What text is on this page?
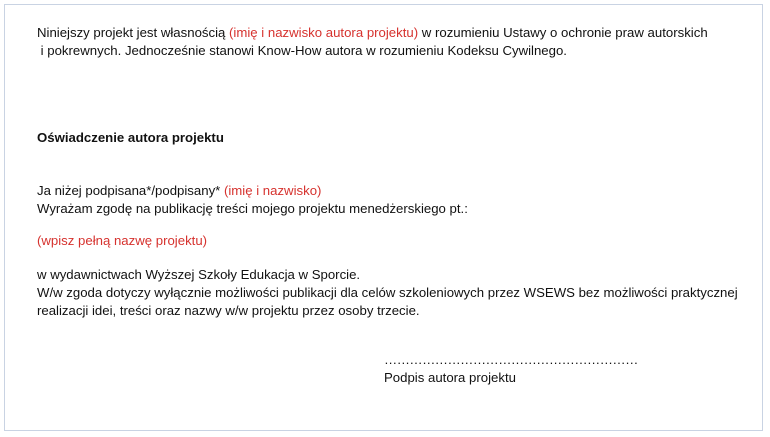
Niniejszy projekt jest własnością (imię i nazwisko autora projektu) w rozumieniu Ustawy o ochronie praw autorskich

i pokrewnych. Jednocześnie stanowi Know-How autora w rozumieniu Kodeksu Cywilnego.

Oświadczenie autora projektu

Ja niżej podpisana*/podpisany* (imię i nazwisko)

Wyrażam zgodę na publikację treści mojego projektu menedżerskiego pt.:

(wpisz pełną nazwę projektu)

w wydawnictwach Wyższej Szkoły Edukacja w Sporcie.

W/w zgoda dotyczy wyłącznie możliwości publikacji dla celów szkoleniowych przez WSEWS bez możliwości praktycznej

realizacji idei, treści oraz nazwy w/w projektu przez osoby trzecie.

……………………………………………………
Podpis autora projektu
